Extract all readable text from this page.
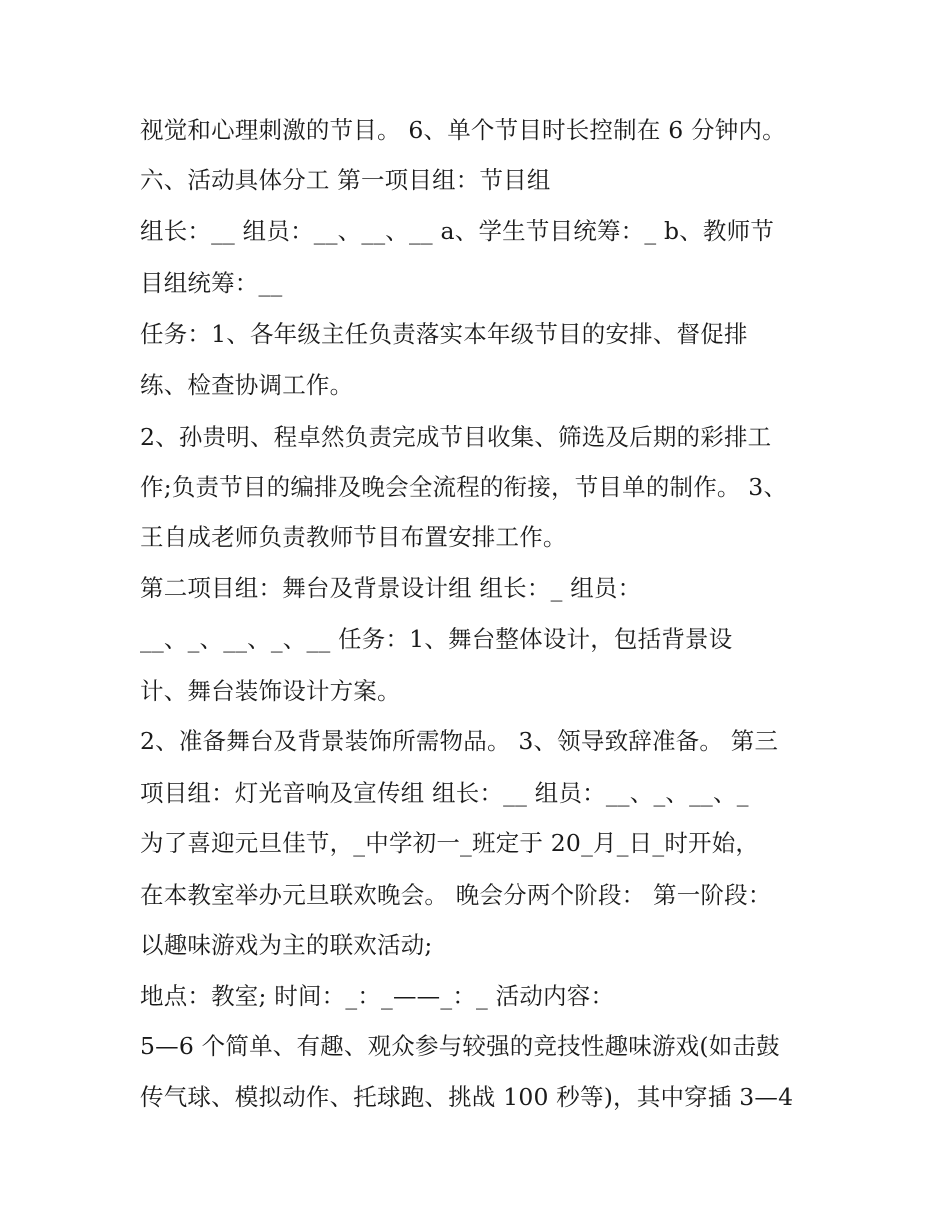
视觉和心理刺激的节目。 6、单个节目时长控制在 6 分钟内。
六、活动具体分工 第一项目组：节目组
组长：__ 组员：__、__、__ a、学生节目统筹：_ b、教师节
目组统筹：__
任务：1、各年级主任负责落实本年级节目的安排、督促排
练、检查协调工作。
2、孙贵明、程卓然负责完成节目收集、筛选及后期的彩排工
作;负责节目的编排及晚会全流程的衔接，节目单的制作。 3、
王自成老师负责教师节目布置安排工作。
第二项目组：舞台及背景设计组 组长：_ 组员：
__、_、__、_、__ 任务：1、舞台整体设计，包括背景设
计、舞台装饰设计方案。
2、准备舞台及背景装饰所需物品。 3、领导致辞准备。 第三
项目组：灯光音响及宣传组 组长：__ 组员：__、_、__、_
为了喜迎元旦佳节，_中学初一_班定于 20_月_日_时开始，
在本教室举办元旦联欢晚会。 晚会分两个阶段： 第一阶段：
以趣味游戏为主的联欢活动;
地点：教室; 时间：_：_——_：_ 活动内容：
5—6 个简单、有趣、观众参与较强的竞技性趣味游戏(如击鼓
传气球、模拟动作、托球跑、挑战 100 秒等)，其中穿插 3—4
